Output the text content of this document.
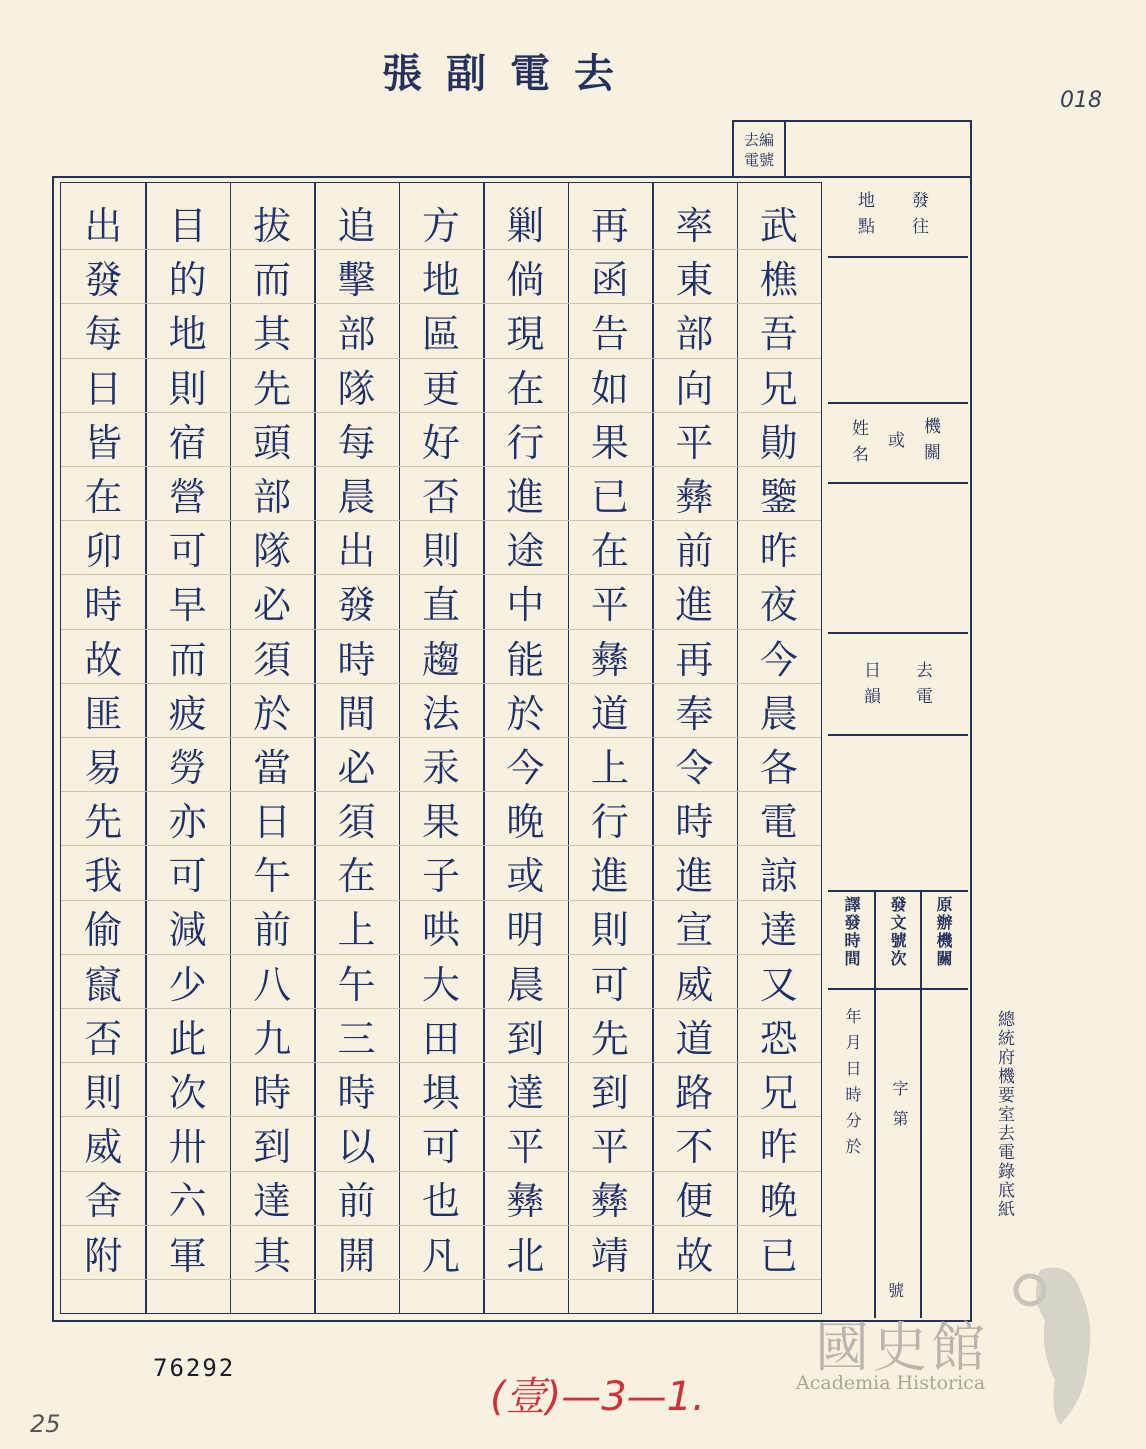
張副電去
018
去編
電號
武
樵
吾
兄
勛
鑒
昨
夜
今
晨
各
電
諒
達
又
恐
兄
昨
晚
已
率
東
部
向
平
彝
前
進
再
奉
令
時
進
宣
威
道
路
不
便
故
再
函
告
如
果
已
在
平
彝
道
上
行
進
則
可
先
到
平
彝
靖
剿
倘
現
在
行
進
途
中
能
於
今
晚
或
明
晨
到
達
平
彝
北
方
地
區
更
好
否
則
直
趨
法
汞
果
子
哄
大
田
埧
可
也
凡
追
擊
部
隊
每
晨
出
發
時
間
必
須
在
上
午
三
時
以
前
開
拔
而
其
先
頭
部
隊
必
須
於
當
日
午
前
八
九
時
到
達
其
目
的
地
則
宿
營
可
早
而
疲
勞
亦
可
減
少
此
次
卅
六
軍
出
發
每
日
皆
在
卯
時
故
匪
易
先
我
偷
竄
否
則
威
舍
附
地
點
發
往
姓
名
或
機
關
日
韻
去
電
譯發時間 發文號次 原辦機關
年月日時分於 字第
號
總統府機要室去電錄底紙
76292
(壹)—3—1.
25
國史館
Academia Historica
